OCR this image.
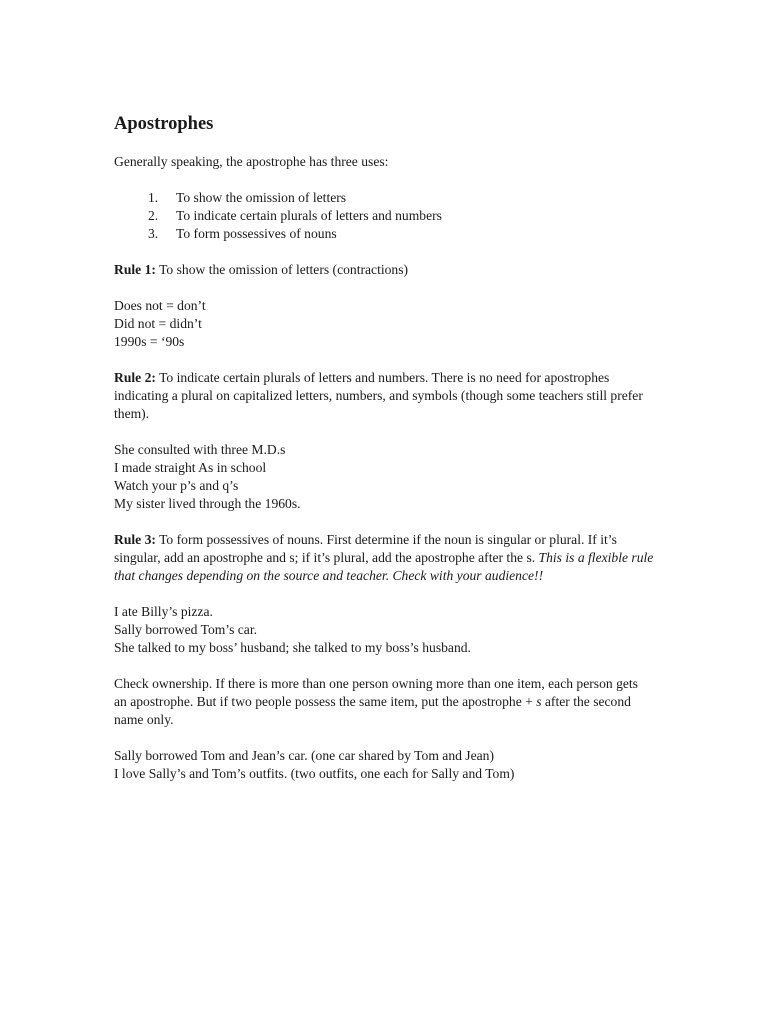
Apostrophes

Generally speaking, the apostrophe has three uses:

1. To show the omission of letters
2. To indicate certain plurals of letters and numbers
3. To form possessives of nouns

Rule 1: To show the omission of letters (contractions)

Does not = don’t

Did not = didn’t

1990s = ‘90s

Rule 2: To indicate certain plurals of letters and numbers. There is no need for apostrophes indicating a plural on capitalized letters, numbers, and symbols (though some teachers still prefer them).

She consulted with three M.D.s

I made straight As in school

Watch your p’s and q’s

My sister lived through the 1960s.

Rule 3: To form possessives of nouns. First determine if the noun is singular or plural. If it’s singular, add an apostrophe and s; if it’s plural, add the apostrophe after the s. This is a flexible rule that changes depending on the source and teacher. Check with your audience!!

I ate Billy’s pizza.

Sally borrowed Tom’s car.

She talked to my boss’ husband; she talked to my boss’s husband.

Check ownership. If there is more than one person owning more than one item, each person gets an apostrophe. But if two people possess the same item, put the apostrophe + s after the second name only.

Sally borrowed Tom and Jean’s car. (one car shared by Tom and Jean)

I love Sally’s and Tom’s outfits. (two outfits, one each for Sally and Tom)
